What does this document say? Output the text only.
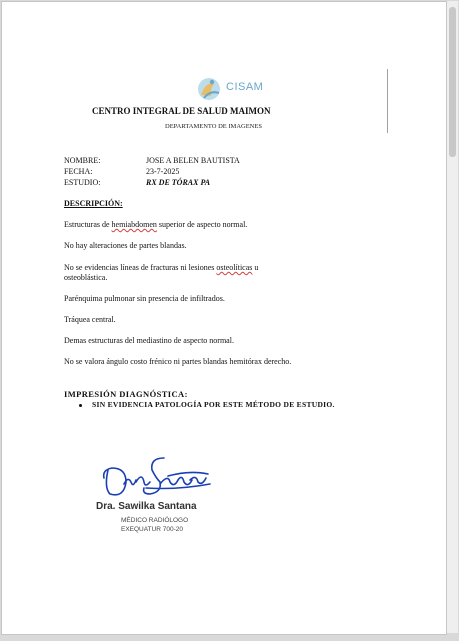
CISAM
CENTRO INTEGRAL DE SALUD MAIMON
DEPARTAMENTO DE IMAGENES
NOMBRE:	JOSE A BELEN BAUTISTA
FECHA:	23-7-2025
ESTUDIO:	RX DE TÓRAX PA
DESCRIPCIÓN:
Estructuras de hemiabdomen superior de aspecto normal.
No hay alteraciones de partes blandas.
No se evidencias líneas de fracturas ni lesiones osteolíticas u
osteoblástica.
Parénquima pulmonar sin presencia de infiltrados.
Tráquea central.
Demas estructuras del mediastino de aspecto normal.
No se valora ángulo costo frénico ni partes blandas hemitórax derecho.
IMPRESIÓN DIAGNÓSTICA:
SIN EVIDENCIA PATOLOGÍA POR ESTE MÉTODO DE ESTUDIO.
Dra. Sawilka Santana
MÉDICO RADIÓLOGO
EXEQUATUR 700-20
